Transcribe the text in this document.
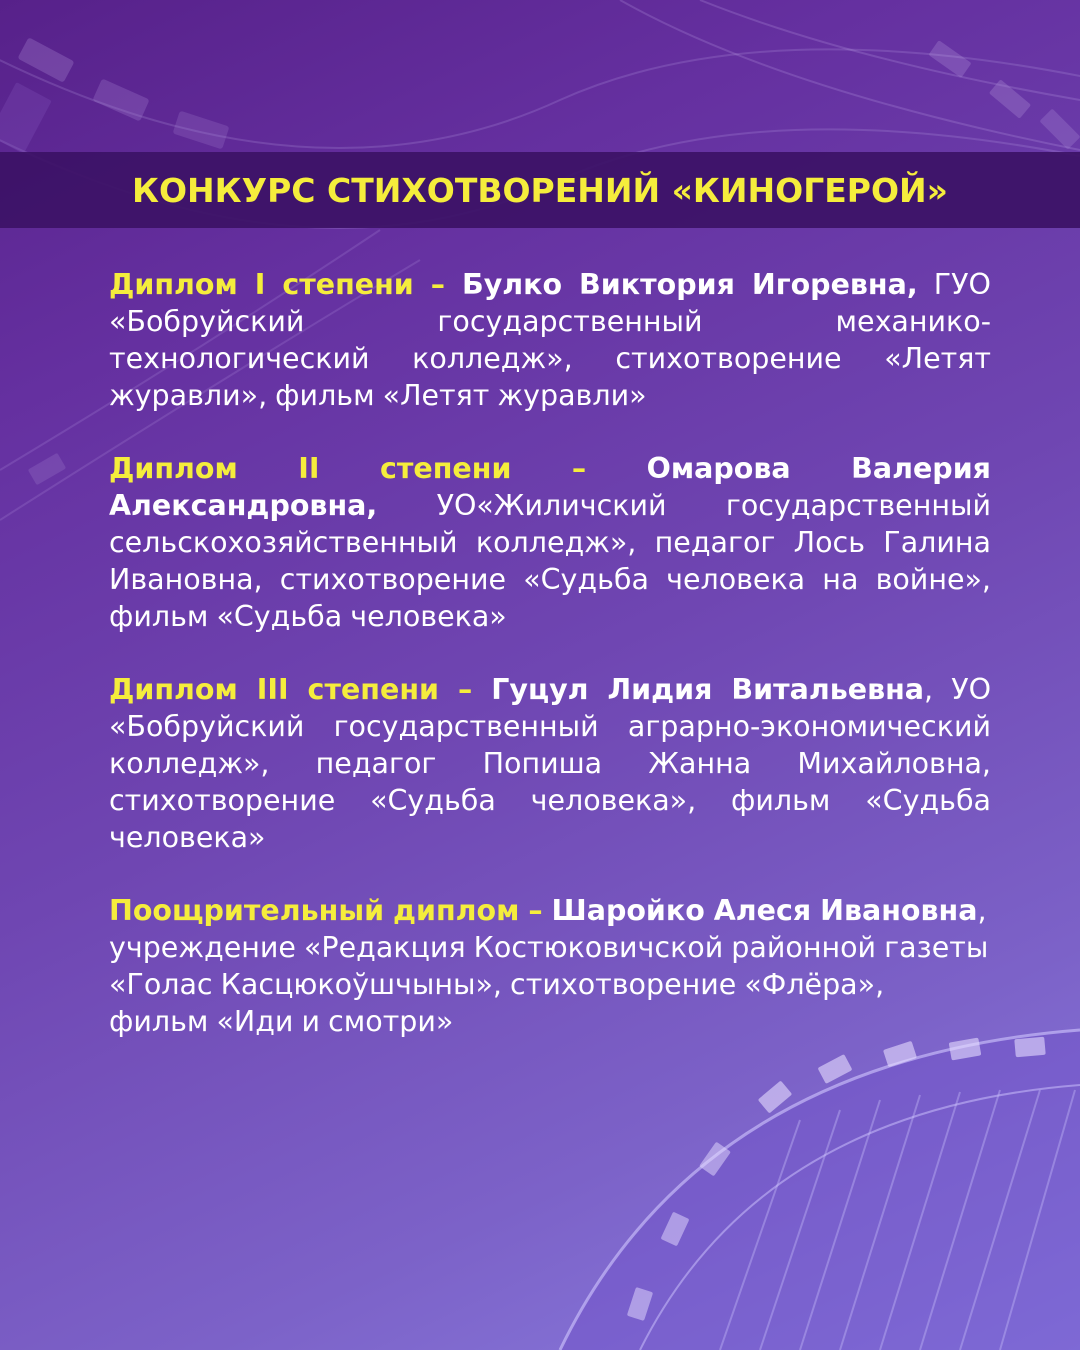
КОНКУРС СТИХОТВОРЕНИЙ «КИНОГЕРОЙ»

Диплом I степени – Булко Виктория Игоревна, ГУО «Бобруйский государственный механико-технологический колледж», стихотворение «Летят журавли», фильм «Летят журавли»

Диплом II степени – Омарова Валерия Александровна, УО«Жиличский государственный сельскохозяйственный колледж», педагог Лось Галина Ивановна, стихотворение «Судьба человека на войне», фильм «Судьба человека»

Диплом III степени – Гуцул Лидия Витальевна, УО «Бобруйский государственный аграрно-экономический колледж», педагог Попиша Жанна Михайловна, стихотворение «Судьба человека», фильм «Судьба человека»

Поощрительный диплом – Шаройко Алеся Ивановна, учреждение «Редакция Костюковичской районной газеты «Голас Касцюкоўшчыны», стихотворение «Флёра», фильм «Иди и смотри»
